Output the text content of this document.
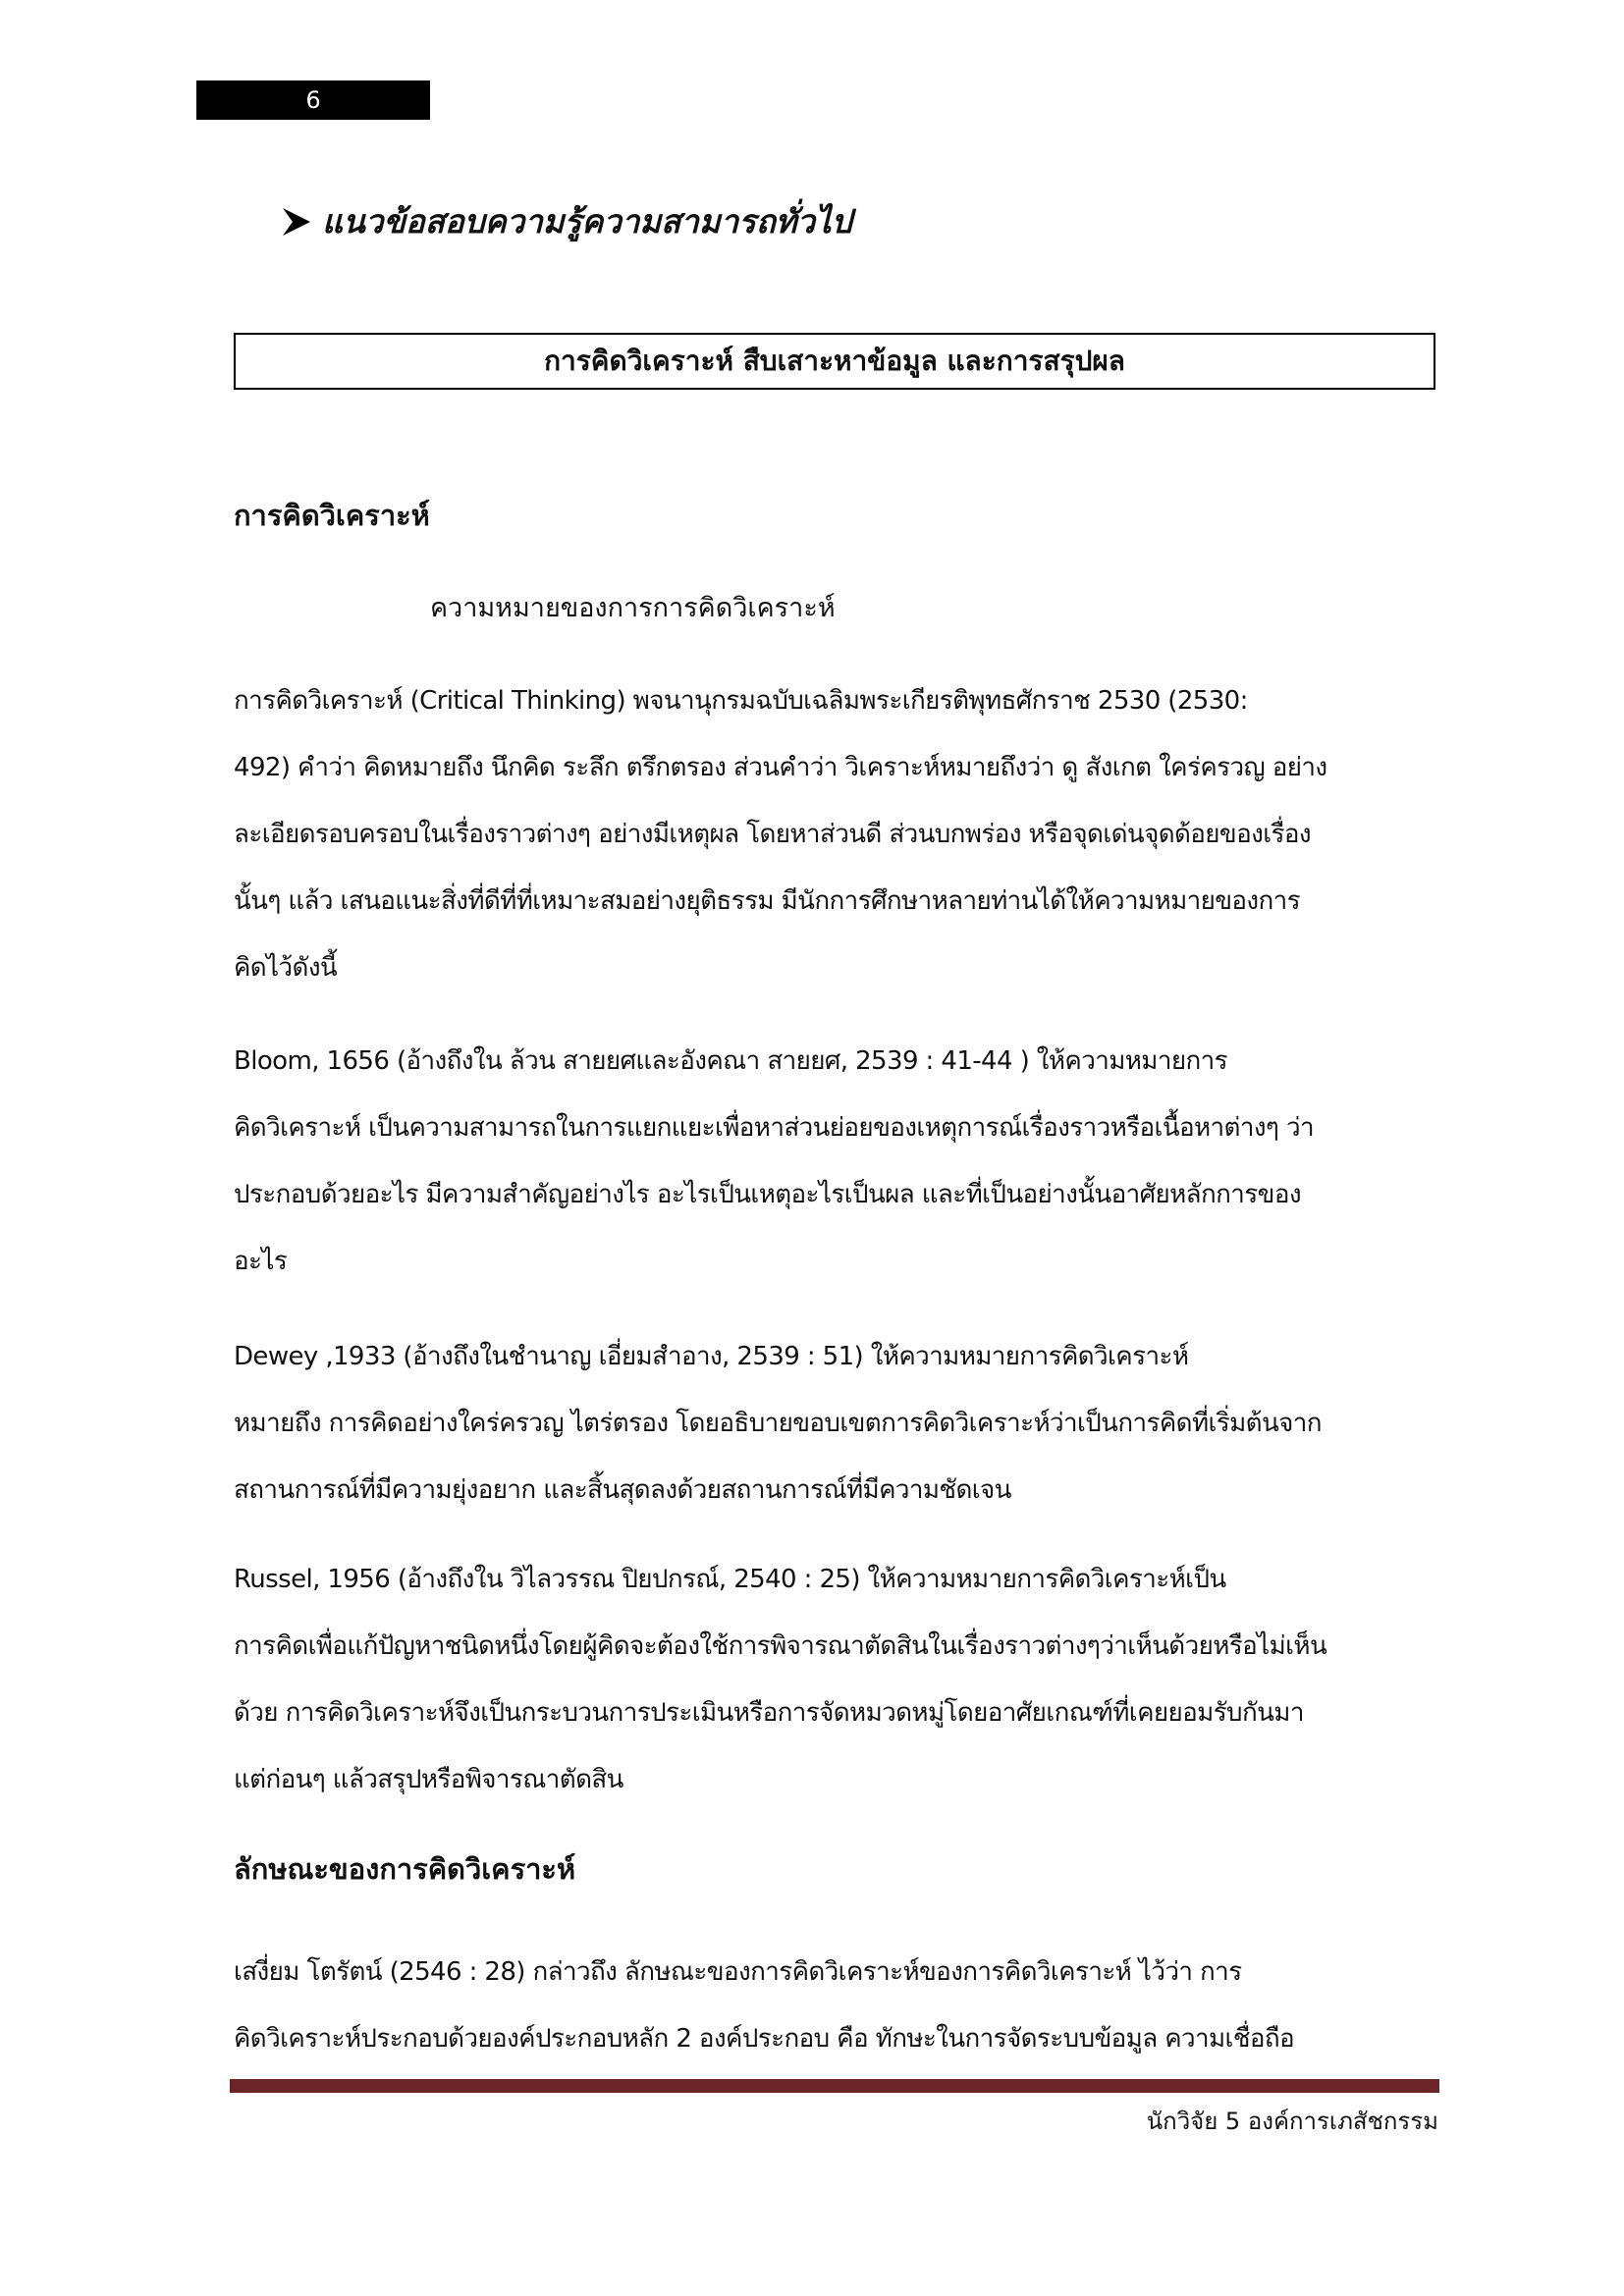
6
แนวข้อสอบความรู้ความสามารถทั่วไป
การคิดวิเคราะห์ สืบเสาะหาข้อมูล และการสรุปผล
การคิดวิเคราะห์
ความหมายของการการคิดวิเคราะห์

การคิดวิเคราะห์ (Critical Thinking) พจนานุกรมฉบับเฉลิมพระเกียรติพุทธศักราช 2530 (2530:
492) คำว่า คิดหมายถึง นึกคิด ระลึก ตรึกตรอง ส่วนคำว่า วิเคราะห์หมายถึงว่า ดู สังเกต ใคร่ครวญ อย่าง
ละเอียดรอบครอบในเรื่องราวต่างๆ อย่างมีเหตุผล โดยหาส่วนดี ส่วนบกพร่อง หรือจุดเด่นจุดด้อยของเรื่อง
นั้นๆ แล้ว เสนอแนะสิ่งที่ดีที่ที่เหมาะสมอย่างยุติธรรม มีนักการศึกษาหลายท่านได้ให้ความหมายของการ
คิดไว้ดังนี้

Bloom, 1656 (อ้างถึงใน ล้วน สายยศและอังคณา สายยศ, 2539 : 41-44 ) ให้ความหมายการ
คิดวิเคราะห์ เป็นความสามารถในการแยกแยะเพื่อหาส่วนย่อยของเหตุการณ์เรื่องราวหรือเนื้อหาต่างๆ ว่า
ประกอบด้วยอะไร มีความสำคัญอย่างไร อะไรเป็นเหตุอะไรเป็นผล และที่เป็นอย่างนั้นอาศัยหลักการของ
อะไร

Dewey ,1933 (อ้างถึงในชำนาญ เอี่ยมสำอาง, 2539 : 51) ให้ความหมายการคิดวิเคราะห์
หมายถึง การคิดอย่างใคร่ครวญ ไตร่ตรอง โดยอธิบายขอบเขตการคิดวิเคราะห์ว่าเป็นการคิดที่เริ่มต้นจาก
สถานการณ์ที่มีความยุ่งอยาก และสิ้นสุดลงด้วยสถานการณ์ที่มีความชัดเจน

Russel, 1956 (อ้างถึงใน วิไลวรรณ ปิยปกรณ์, 2540 : 25) ให้ความหมายการคิดวิเคราะห์เป็น
การคิดเพื่อแก้ปัญหาชนิดหนึ่งโดยผู้คิดจะต้องใช้การพิจารณาตัดสินในเรื่องราวต่างๆว่าเห็นด้วยหรือไม่เห็น
ด้วย การคิดวิเคราะห์จึงเป็นกระบวนการประเมินหรือการจัดหมวดหมู่โดยอาศัยเกณฑ์ที่เคยยอมรับกันมา
แต่ก่อนๆ แล้วสรุปหรือพิจารณาตัดสิน

ลักษณะของการคิดวิเคราะห์

เสงี่ยม โตรัตน์ (2546 : 28) กล่าวถึง ลักษณะของการคิดวิเคราะห์ของการคิดวิเคราะห์ ไว้ว่า การ
คิดวิเคราะห์ประกอบด้วยองค์ประกอบหลัก 2 องค์ประกอบ คือ ทักษะในการจัดระบบข้อมูล ความเชื่อถือ

นักวิจัย 5 องค์การเภสัชกรรม
